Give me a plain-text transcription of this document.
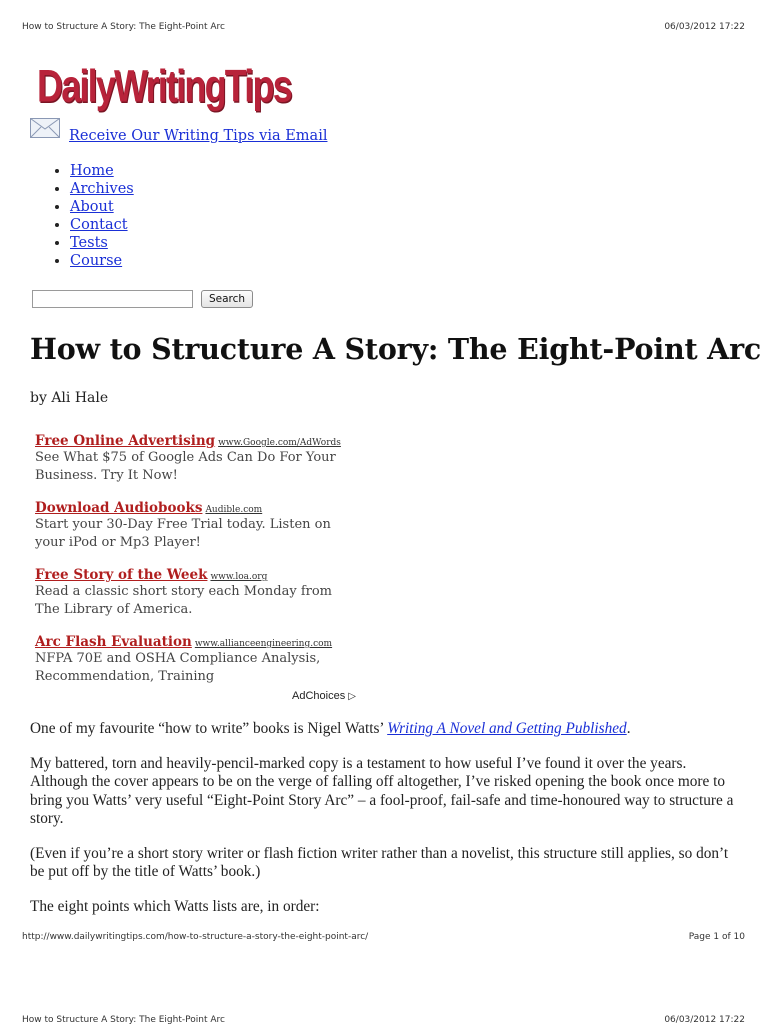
How to Structure A Story: The Eight-Point Arc	06/03/2012 17:22
DailyWritingTips
Receive Our Writing Tips via Email
• Home
• Archives
• About
• Contact
• Tests
• Course
Search
How to Structure A Story: The Eight-Point Arc
by Ali Hale
Free Online Advertising www.Google.com/AdWords
See What $75 of Google Ads Can Do For Your Business. Try It Now!
Download Audiobooks Audible.com
Start your 30-Day Free Trial today. Listen on your iPod or Mp3 Player!
Free Story of the Week www.loa.org
Read a classic short story each Monday from The Library of America.
Arc Flash Evaluation www.allianceengineering.com
NFPA 70E and OSHA Compliance Analysis, Recommendation, Training
AdChoices ▷

One of my favourite “how to write” books is Nigel Watts’ Writing A Novel and Getting Published.

My battered, torn and heavily-pencil-marked copy is a testament to how useful I’ve found it over the years. Although the cover appears to be on the verge of falling off altogether, I’ve risked opening the book once more to bring you Watts’ very useful “Eight-Point Story Arc” – a fool-proof, fail-safe and time-honoured way to structure a story.

(Even if you’re a short story writer or flash fiction writer rather than a novelist, this structure still applies, so don’t be put off by the title of Watts’ book.)

The eight points which Watts lists are, in order:

http://www.dailywritingtips.com/how-to-structure-a-story-the-eight-point-arc/	Page 1 of 10
How to Structure A Story: The Eight-Point Arc	06/03/2012 17:22
